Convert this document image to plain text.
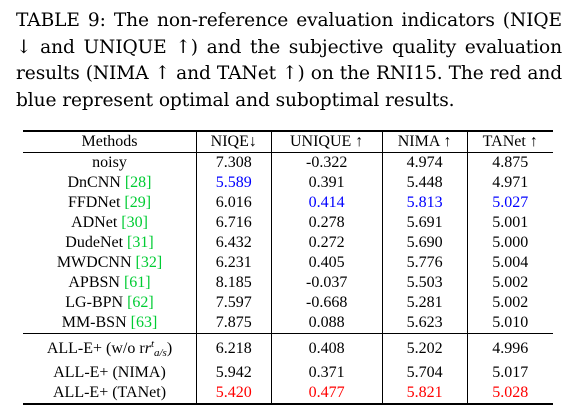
TABLE 9: The non-reference evaluation indicators (NIQE ↓ and UNIQUE ↑) and the subjective quality evaluation results (NIMA ↑ and TANet ↑) on the RNI15. The red and blue represent optimal and suboptimal results.
Methods	NIQE↓	UNIQUE ↑	NIMA ↑	TANet ↑
noisy	7.308	-0.322	4.974	4.875
DnCNN [28]	5.589	0.391	5.448	4.971
FFDNet [29]	6.016	0.414	5.813	5.027
ADNet [30]	6.716	0.278	5.691	5.001
DudeNet [31]	6.432	0.272	5.690	5.000
MWDCNN [32]	6.231	0.405	5.776	5.004
APBSN [61]	8.185	-0.037	5.503	5.002
LG-BPN [62]	7.597	-0.668	5.281	5.002
MM-BSN [63]	7.875	0.088	5.623	5.010
ALL-E+ (w/o $rr^t_{a/s}$)	6.218	0.408	5.202	4.996
ALL-E+ (NIMA)	5.942	0.371	5.704	5.017
ALL-E+ (TANet)	5.420	0.477	5.821	5.028
